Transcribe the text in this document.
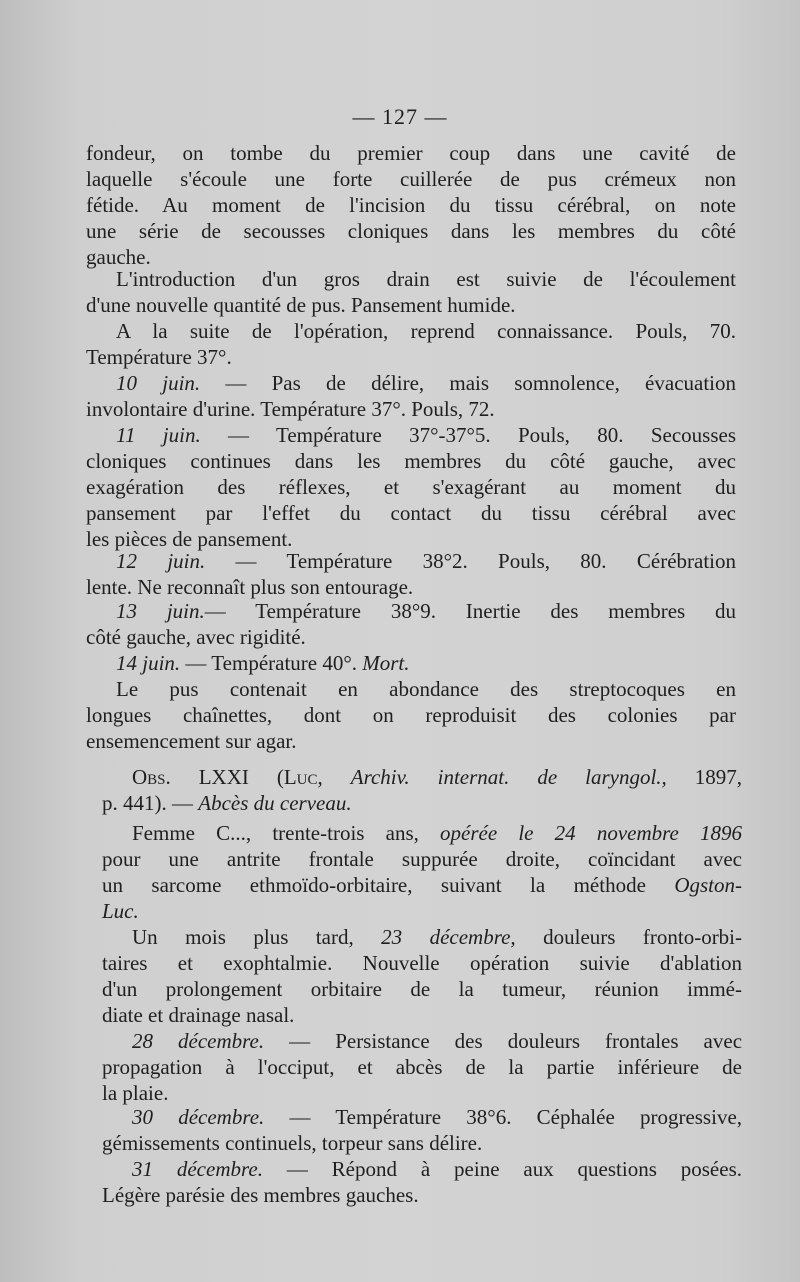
— 127 —
fondeur, on tombe du premier coup dans une cavité de
laquelle s'écoule une forte cuillerée de pus crémeux non
fétide. Au moment de l'incision du tissu cérébral, on note
une série de secousses cloniques dans les membres du côté
gauche.
L'introduction d'un gros drain est suivie de l'écoulement
d'une nouvelle quantité de pus. Pansement humide.
A la suite de l'opération, reprend connaissance. Pouls, 70.
Température 37°.
10 juin. — Pas de délire, mais somnolence, évacuation
involontaire d'urine. Température 37°. Pouls, 72.
11 juin. — Température 37°-37°5. Pouls, 80. Secousses
cloniques continues dans les membres du côté gauche, avec
exagération des réflexes, et s'exagérant au moment du
pansement par l'effet du contact du tissu cérébral avec
les pièces de pansement.
12 juin. — Température 38°2. Pouls, 80. Cérébration
lente. Ne reconnaît plus son entourage.
13 juin.— Température 38°9. Inertie des membres du
côté gauche, avec rigidité.
14 juin. — Température 40°. Mort.
Le pus contenait en abondance des streptocoques en
longues chaînettes, dont on reproduisit des colonies par
ensemencement sur agar.
Obs. LXXI (Luc, Archiv. internat. de laryngol., 1897,
p. 441). — Abcès du cerveau.
Femme C..., trente-trois ans, opérée le 24 novembre 1896
pour une antrite frontale suppurée droite, coïncidant avec
un sarcome ethmoïdo-orbitaire, suivant la méthode Ogston-
Luc.
Un mois plus tard, 23 décembre, douleurs fronto-orbi-
taires et exophtalmie. Nouvelle opération suivie d'ablation
d'un prolongement orbitaire de la tumeur, réunion immé-
diate et drainage nasal.
28 décembre. — Persistance des douleurs frontales avec
propagation à l'occiput, et abcès de la partie inférieure de
la plaie.
30 décembre. — Température 38°6. Céphalée progressive,
gémissements continuels, torpeur sans délire.
31 décembre. — Répond à peine aux questions posées.
Légère parésie des membres gauches.
